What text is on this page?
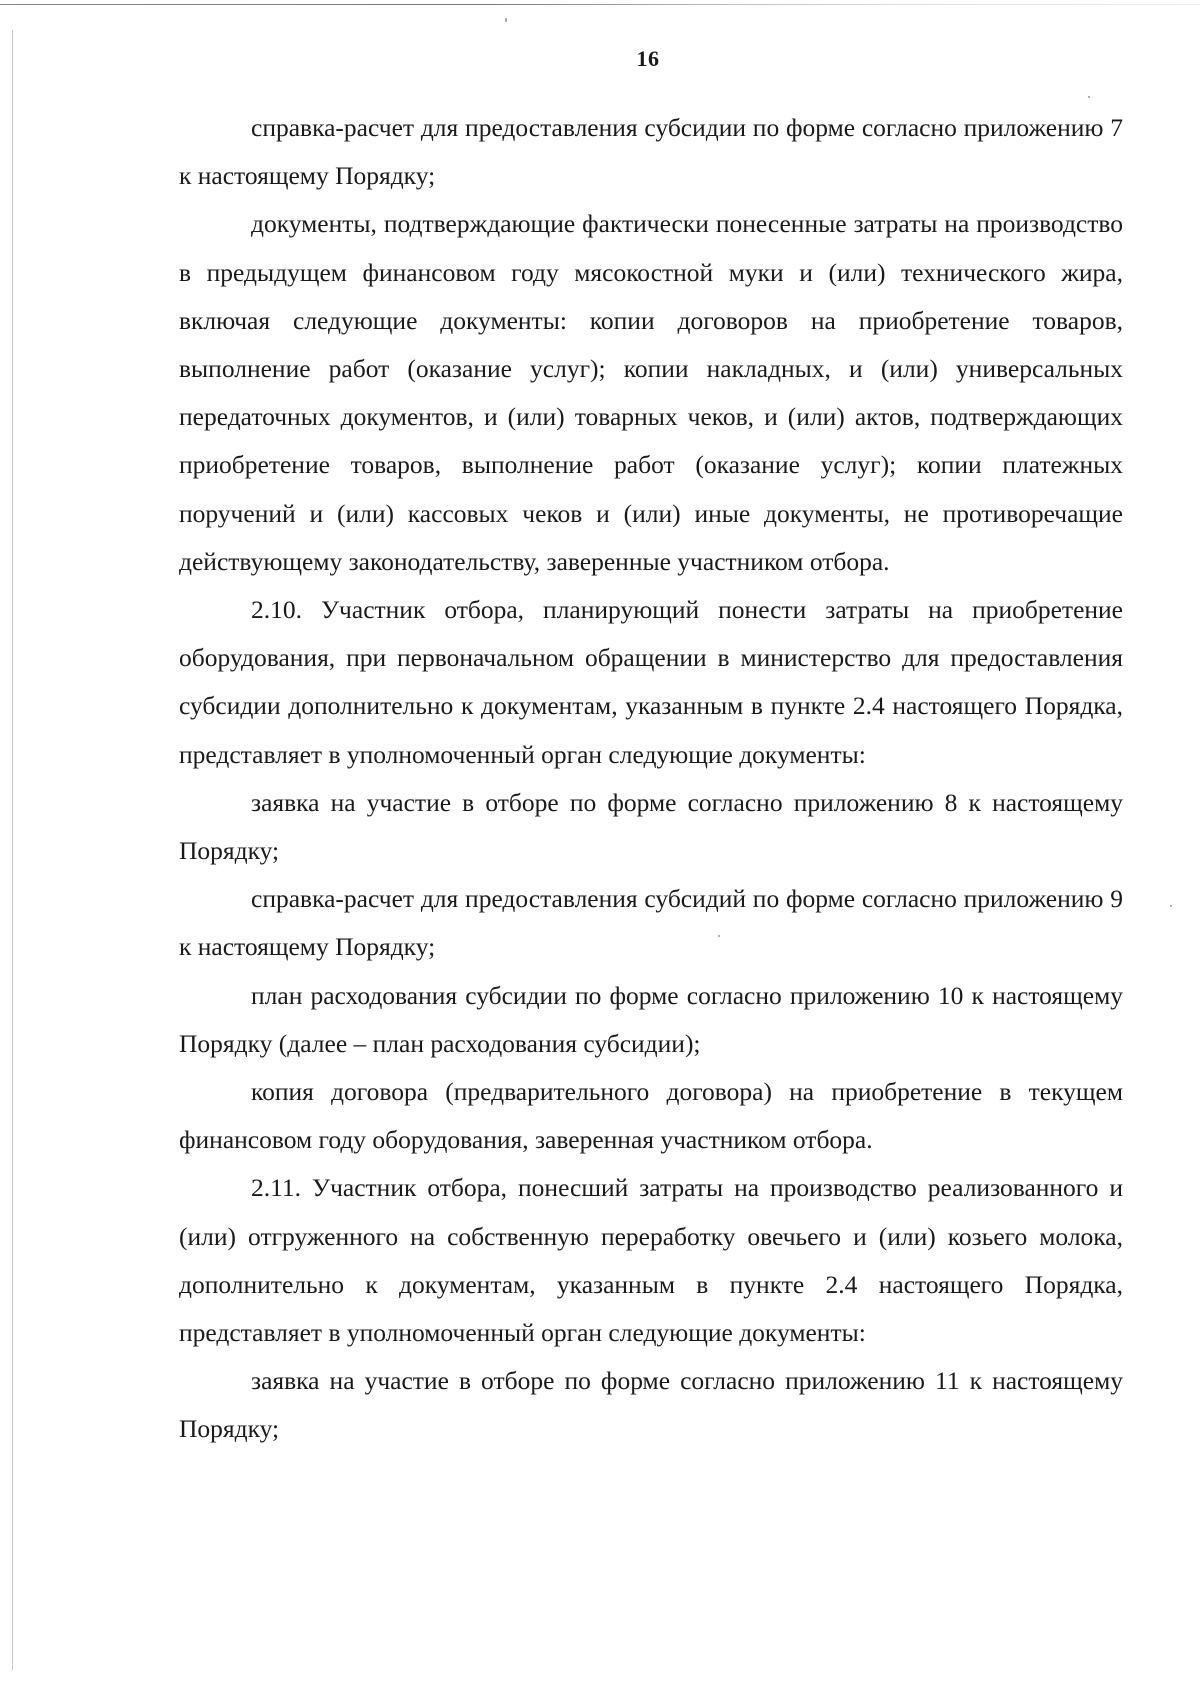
16

справка-расчет для предоставления субсидии по форме согласно приложению 7 к настоящему Порядку;

документы, подтверждающие фактически понесенные затраты на производство в предыдущем финансовом году мясокостной муки и (или) технического жира, включая следующие документы: копии договоров на приобретение товаров, выполнение работ (оказание услуг); копии накладных, и (или) универсальных передаточных документов, и (или) товарных чеков, и (или) актов, подтверждающих приобретение товаров, выполнение работ (оказание услуг); копии платежных поручений и (или) кассовых чеков и (или) иные документы, не противоречащие действующему законодательству, заверенные участником отбора.

2.10. Участник отбора, планирующий понести затраты на приобретение оборудования, при первоначальном обращении в министерство для предоставления субсидии дополнительно к документам, указанным в пункте 2.4 настоящего Порядка, представляет в уполномоченный орган следующие документы:

заявка на участие в отборе по форме согласно приложению 8 к настоящему Порядку;

справка-расчет для предоставления субсидий по форме согласно приложению 9 к настоящему Порядку;

план расходования субсидии по форме согласно приложению 10 к настоящему Порядку (далее – план расходования субсидии);

копия договора (предварительного договора) на приобретение в текущем финансовом году оборудования, заверенная участником отбора.

2.11. Участник отбора, понесший затраты на производство реализованного и (или) отгруженного на собственную переработку овечьего и (или) козьего молока, дополнительно к документам, указанным в пункте 2.4 настоящего Порядка, представляет в уполномоченный орган следующие документы:

заявка на участие в отборе по форме согласно приложению 11 к настоящему Порядку;
